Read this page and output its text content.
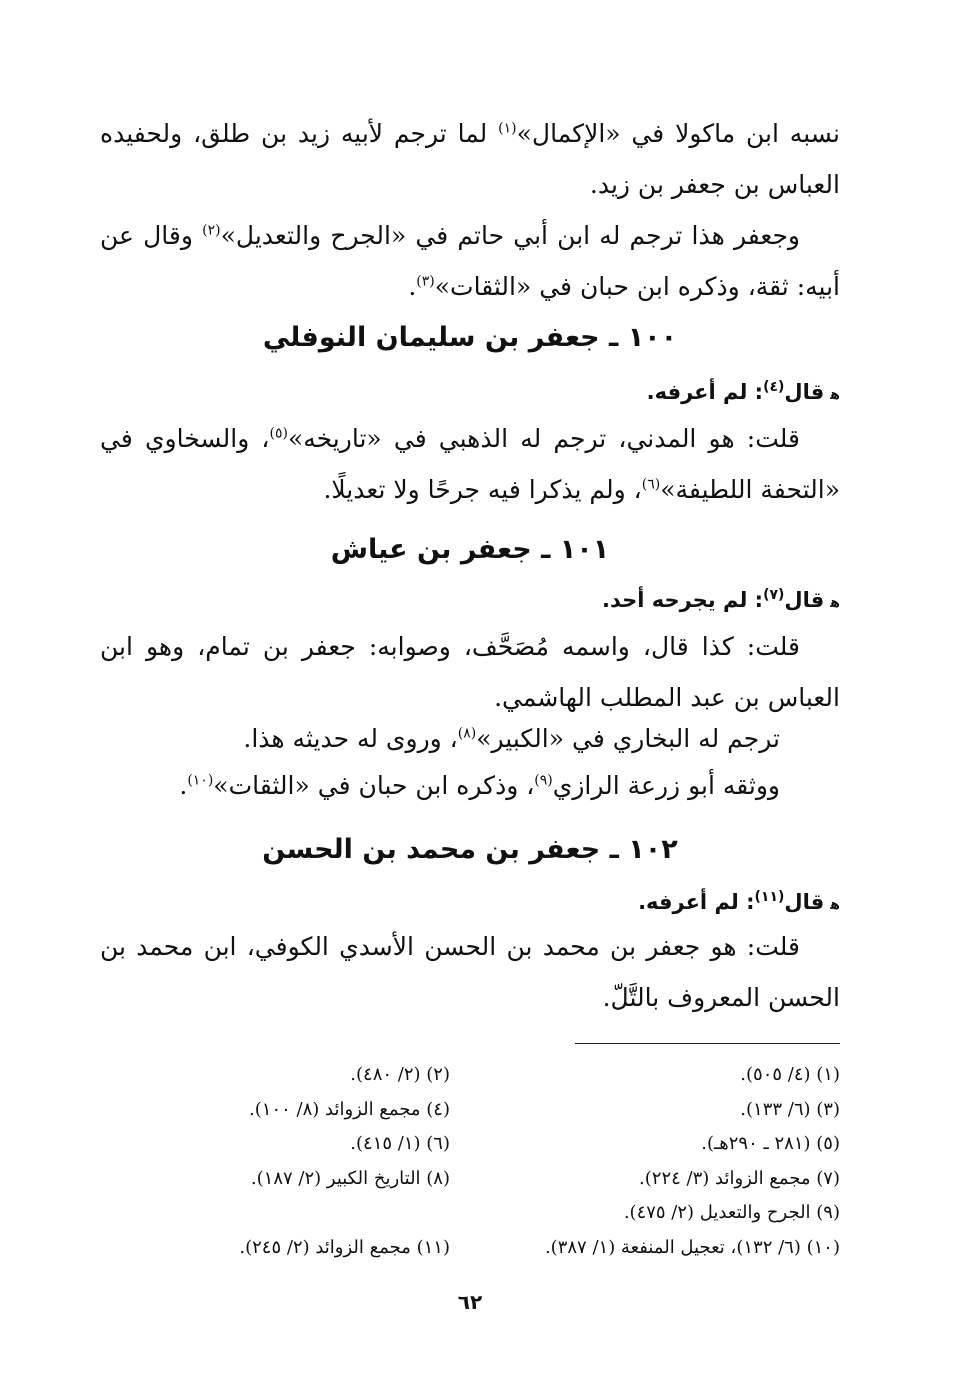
نسبه ابن ماكولا في «الإكمال»$^{(١)}$ لما ترجم لأبيه زيد بن طلق، ولحفيده العباس بن جعفر بن زيد.

وجعفر هذا ترجم له ابن أبي حاتم في «الجرح والتعديل»$^{(٢)}$ وقال عن أبيه: ثقة، وذكره ابن حبان في «الثقات»$^{(٣)}$.

١٠٠ ـ جعفر بن سليمان النوفلي

ﻫقال$^{(٤)}$: لم أعرفه.

قلت: هو المدني، ترجم له الذهبي في «تاريخه»$^{(٥)}$، والسخاوي في «التحفة اللطيفة»$^{(٦)}$، ولم يذكرا فيه جرحًا ولا تعديلًا.

١٠١ ـ جعفر بن عياش

ﻫقال$^{(٧)}$: لم يجرحه أحد.

قلت: كذا قال، واسمه مُصَحَّف، وصوابه: جعفر بن تمام، وهو ابن العباس بن عبد المطلب الهاشمي.

ترجم له البخاري في «الكبير»$^{(٨)}$، وروى له حديثه هذا.

ووثقه أبو زرعة الرازي$^{(٩)}$، وذكره ابن حبان في «الثقات»$^{(١٠)}$.

١٠٢ ـ جعفر بن محمد بن الحسن

ﻫقال$^{(١١)}$: لم أعرفه.

قلت: هو جعفر بن محمد بن الحسن الأسدي الكوفي، ابن محمد بن الحسن المعروف بالتَّلّ.

(١) (٤/ ٥٠٥).
(٢) (٢/ ٤٨٠).
(٣) (٦/ ١٣٣).
(٤) مجمع الزوائد (٨/ ١٠٠).
(٥) (٢٨١ ـ ٢٩٠هـ).
(٦) (١/ ٤١٥).
(٧) مجمع الزوائد (٣/ ٢٢٤).
(٨) التاريخ الكبير (٢/ ١٨٧).
(٩) الجرح والتعديل (٢/ ٤٧٥).
(١٠) (٦/ ١٣٢)، تعجيل المنفعة (١/ ٣٨٧).
(١١) مجمع الزوائد (٢/ ٢٤٥).
٦٢
